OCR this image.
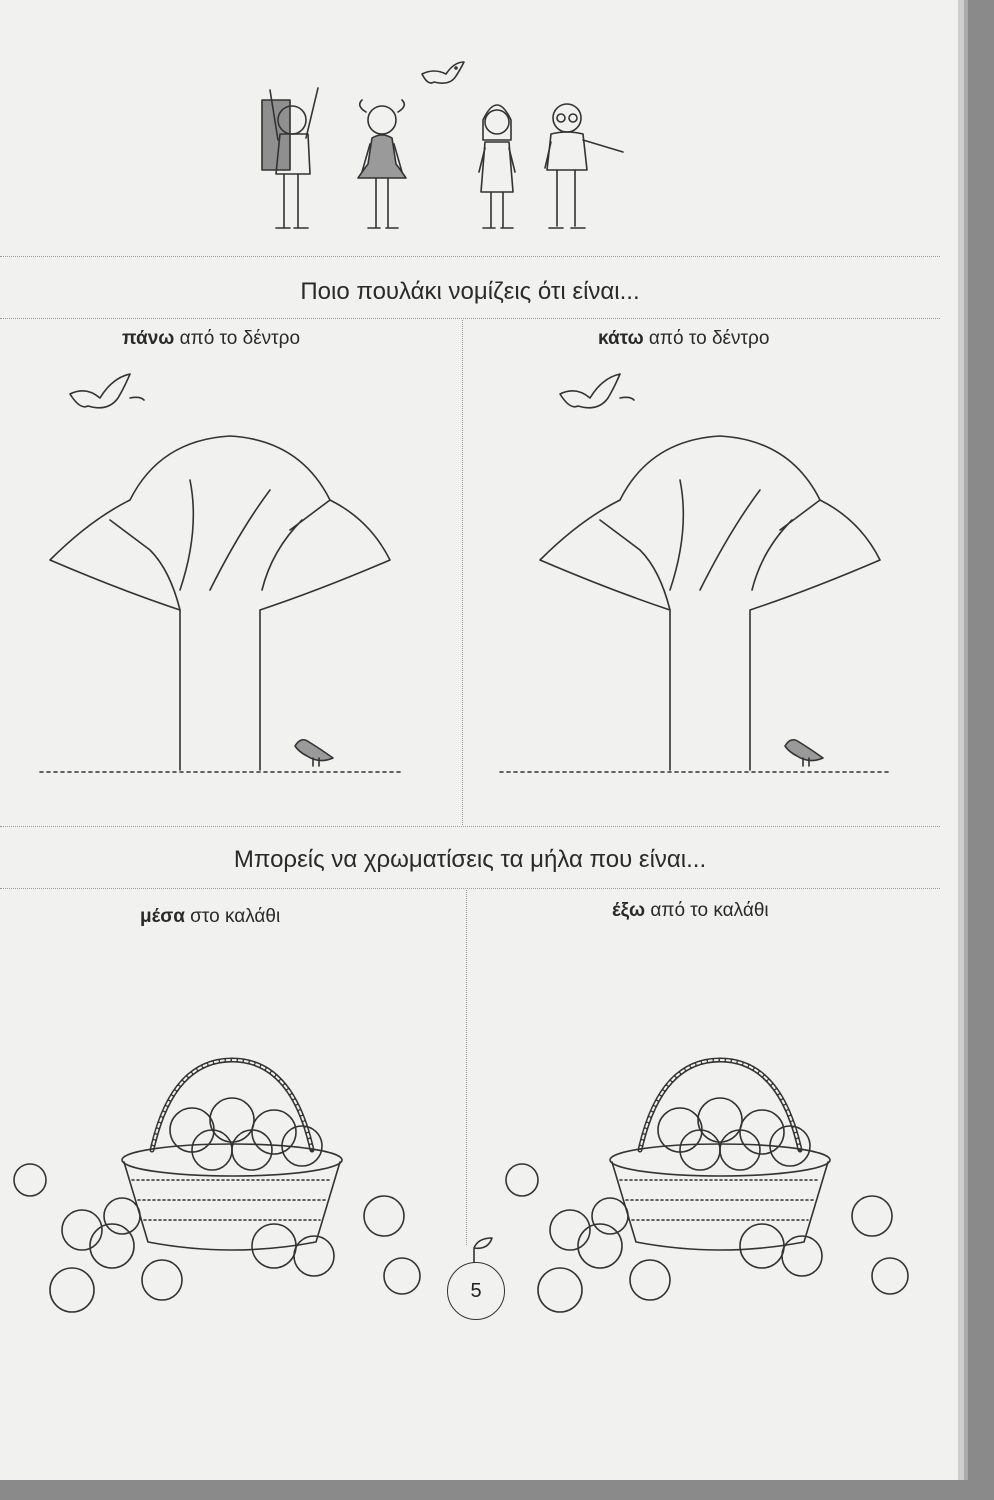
Ποιο πουλάκι νομίζεις ότι είναι...
πάνω από το δέντρο	κάτω από το δέντρο
Μπορείς να χρωματίσεις τα μήλα που είναι...
μέσα στο καλάθι	έξω από το καλάθι
5
